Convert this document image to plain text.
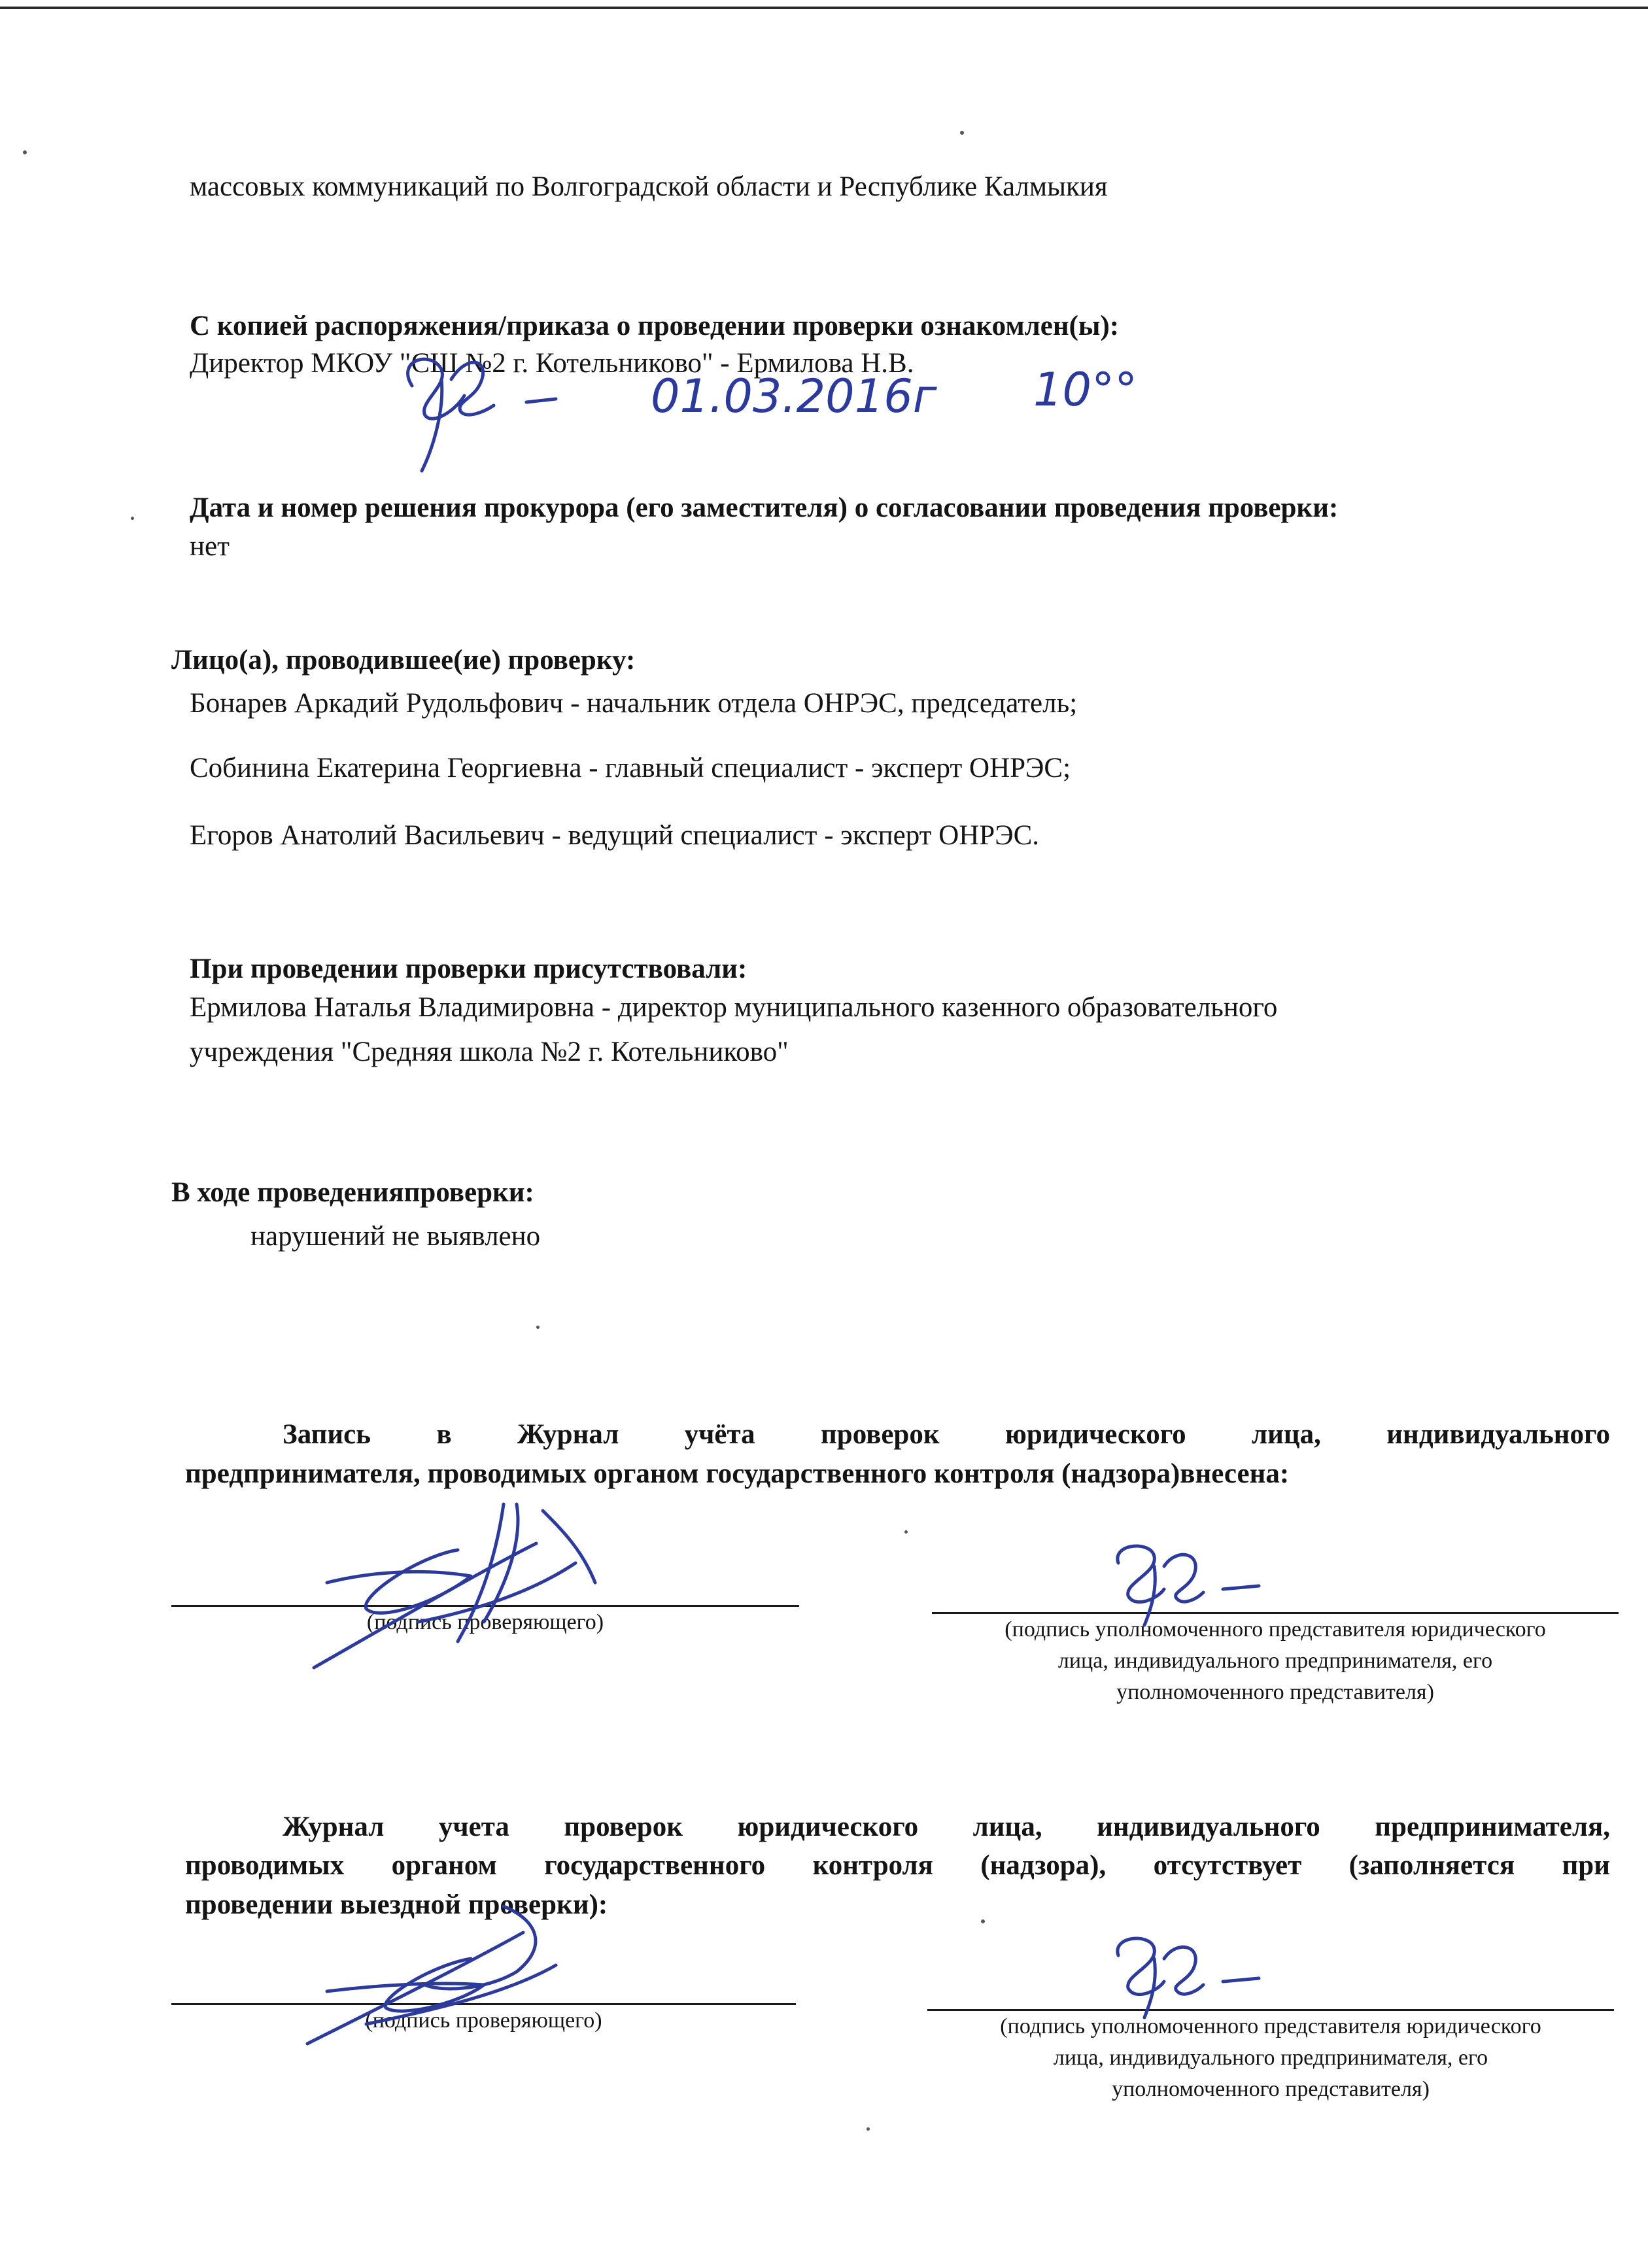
массовых коммуникаций по Волгоградской области и Республике Калмыкия
С копией распоряжения/приказа о проведении проверки ознакомлен(ы):
Директор МКОУ "СШ №2 г. Котельниково" - Ермилова Н.В.
01.03.2016г 10°°
Дата и номер решения прокурора (его заместителя) о согласовании проведения проверки:
нет
Лицо(а), проводившее(ие) проверку:
Бонарев Аркадий Рудольфович - начальник отдела ОНРЭС, председатель;
Собинина Екатерина Георгиевна - главный специалист - эксперт ОНРЭС;
Егоров Анатолий Васильевич - ведущий специалист - эксперт ОНРЭС.
При проведении проверки присутствовали:
Ермилова Наталья Владимировна - директор муниципального казенного образовательного
учреждения "Средняя школа №2 г. Котельниково"
В ходе проведенияпроверки:
нарушений не выявлено
Запись в Журнал учёта проверок юридического лица, индивидуального
предпринимателя, проводимых органом государственного контроля (надзора)внесена:
(подпись проверяющего)	(подпись уполномоченного представителя юридического
лица, индивидуального предпринимателя, его
уполномоченного представителя)
Журнал учета проверок юридического лица, индивидуального предпринимателя,
проводимых органом государственного контроля (надзора), отсутствует (заполняется при
проведении выездной проверки):
(подпись проверяющего)	(подпись уполномоченного представителя юридического
лица, индивидуального предпринимателя, его
уполномоченного представителя)
